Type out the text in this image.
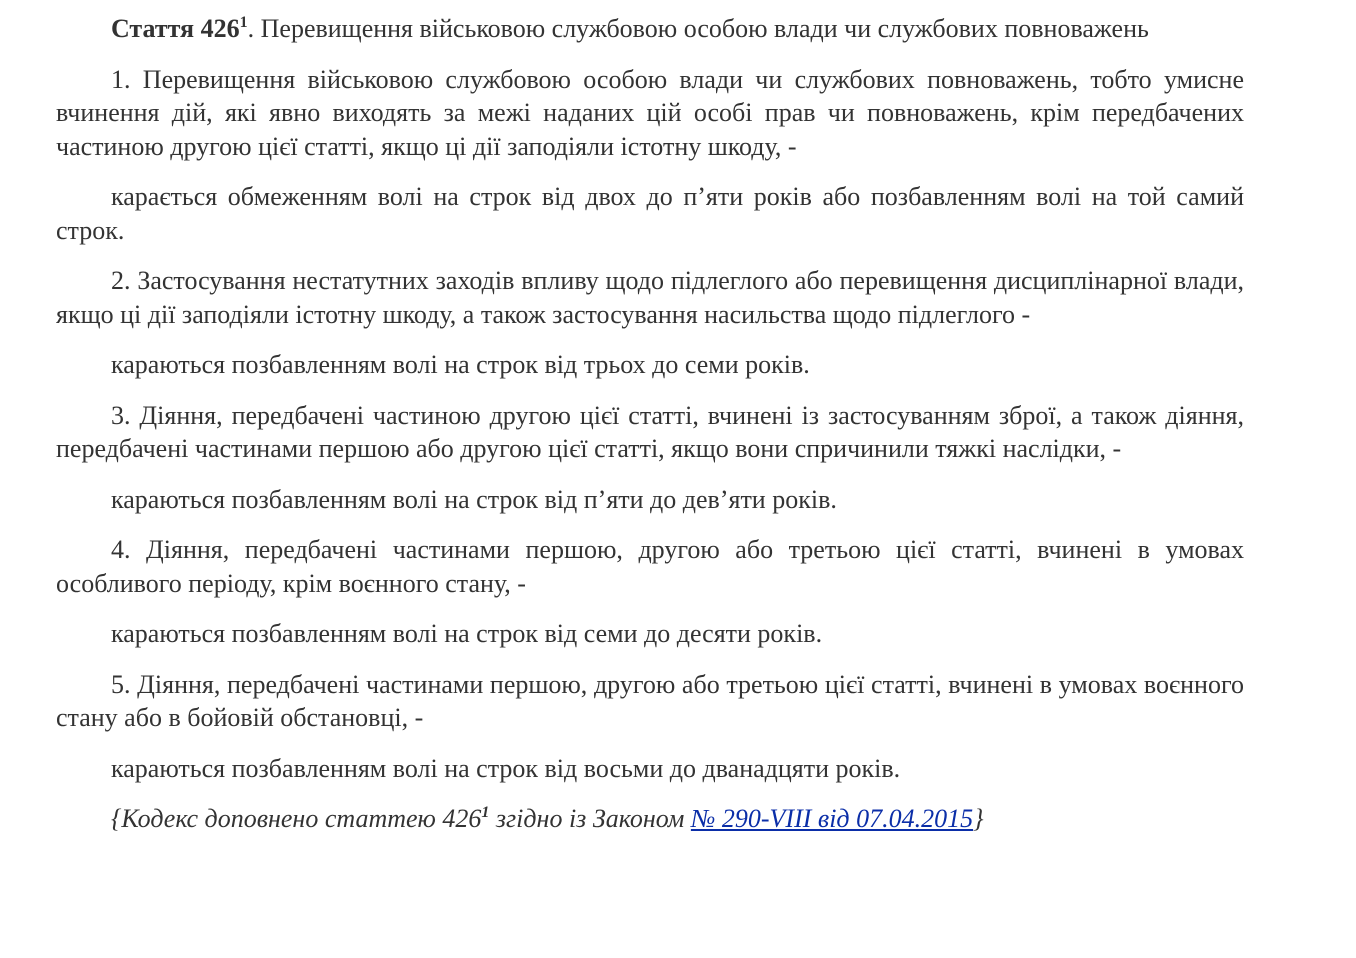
Стаття $426^1$. Перевищення військовою службовою особою влади чи службових повноважень

1. Перевищення військовою службовою особою влади чи службових повноважень, тобто умисне вчинення дій, які явно виходять за межі наданих цій особі прав чи повноважень, крім передбачених частиною другою цієї статті, якщо ці дії заподіяли істотну шкоду, -

карається обмеженням волі на строк від двох до п’яти років або позбавленням волі на той самий строк.

2. Застосування нестатутних заходів впливу щодо підлеглого або перевищення дисциплінарної влади, якщо ці дії заподіяли істотну шкоду, а також застосування насильства щодо підлеглого -

караються позбавленням волі на строк від трьох до семи років.

3. Діяння, передбачені частиною другою цієї статті, вчинені із застосуванням зброї, а також діяння, передбачені частинами першою або другою цієї статті, якщо вони спричинили тяжкі наслідки, -

караються позбавленням волі на строк від п’яти до дев’яти років.

4. Діяння, передбачені частинами першою, другою або третьою цієї статті, вчинені в умовах особливого періоду, крім воєнного стану, -

караються позбавленням волі на строк від семи до десяти років.

5. Діяння, передбачені частинами першою, другою або третьою цієї статті, вчинені в умовах воєнного стану або в бойовій обстановці, -

караються позбавленням волі на строк від восьми до дванадцяти років.

{Кодекс доповнено статтею $426^1$ згідно із Законом № 290-VIII від 07.04.2015}
